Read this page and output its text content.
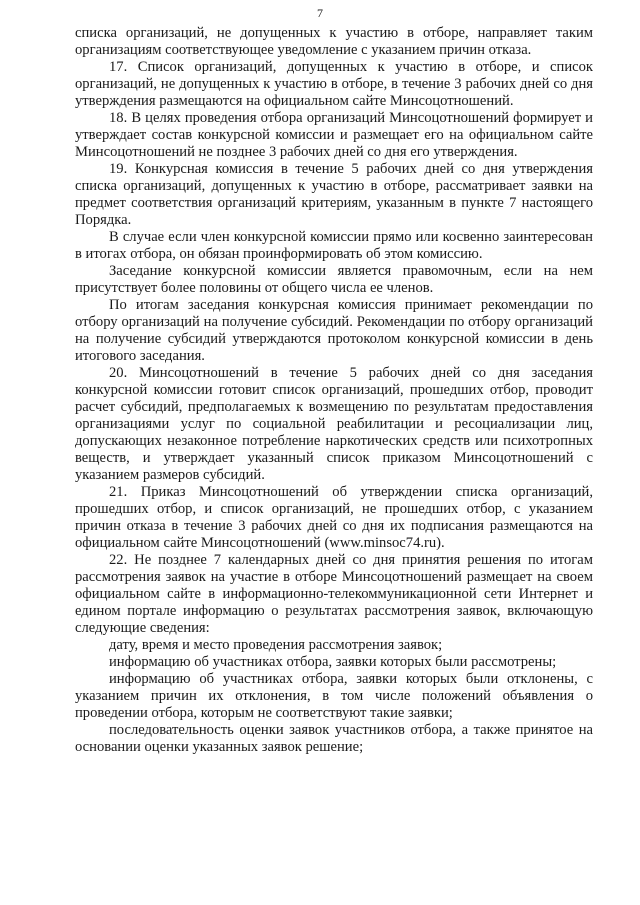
7

списка организаций, не допущенных к участию в отборе, направляет таким организациям соответствующее уведомление с указанием причин отказа.

17. Список организаций, допущенных к участию в отборе, и список организаций, не допущенных к участию в отборе, в течение 3 рабочих дней со дня утверждения размещаются на официальном сайте Минсоцотношений.

18. В целях проведения отбора организаций Минсоцотношений формирует и утверждает состав конкурсной комиссии и размещает его на официальном сайте Минсоцотношений не позднее 3 рабочих дней со дня его утверждения.

19. Конкурсная комиссия в течение 5 рабочих дней со дня утверждения списка организаций, допущенных к участию в отборе, рассматривает заявки на предмет соответствия организаций критериям, указанным в пункте 7 настоящего Порядка.

В случае если член конкурсной комиссии прямо или косвенно заинтересован в итогах отбора, он обязан проинформировать об этом комиссию.

Заседание конкурсной комиссии является правомочным, если на нем присутствует более половины от общего числа ее членов.

По итогам заседания конкурсная комиссия принимает рекомендации по отбору организаций на получение субсидий. Рекомендации по отбору организаций на получение субсидий утверждаются протоколом конкурсной комиссии в день итогового заседания.

20. Минсоцотношений в течение 5 рабочих дней со дня заседания конкурсной комиссии готовит список организаций, прошедших отбор, проводит расчет субсидий, предполагаемых к возмещению по результатам предоставления организациями услуг по социальной реабилитации и ресоциализации лиц, допускающих незаконное потребление наркотических средств или психотропных веществ, и утверждает указанный список приказом Минсоцотношений с указанием размеров субсидий.

21. Приказ Минсоцотношений об утверждении списка организаций, прошедших отбор, и список организаций, не прошедших отбор, с указанием причин отказа в течение 3 рабочих дней со дня их подписания размещаются на официальном сайте Минсоцотношений (www.minsoc74.ru).

22. Не позднее 7 календарных дней со дня принятия решения по итогам рассмотрения заявок на участие в отборе Минсоцотношений размещает на своем официальном сайте в информационно-телекоммуникационной сети Интернет и едином портале информацию о результатах рассмотрения заявок, включающую следующие сведения:

дату, время и место проведения рассмотрения заявок;

информацию об участниках отбора, заявки которых были рассмотрены;

информацию об участниках отбора, заявки которых были отклонены, с указанием причин их отклонения, в том числе положений объявления о проведении отбора, которым не соответствуют такие заявки;

последовательность оценки заявок участников отбора, а также принятое на основании оценки указанных заявок решение;
